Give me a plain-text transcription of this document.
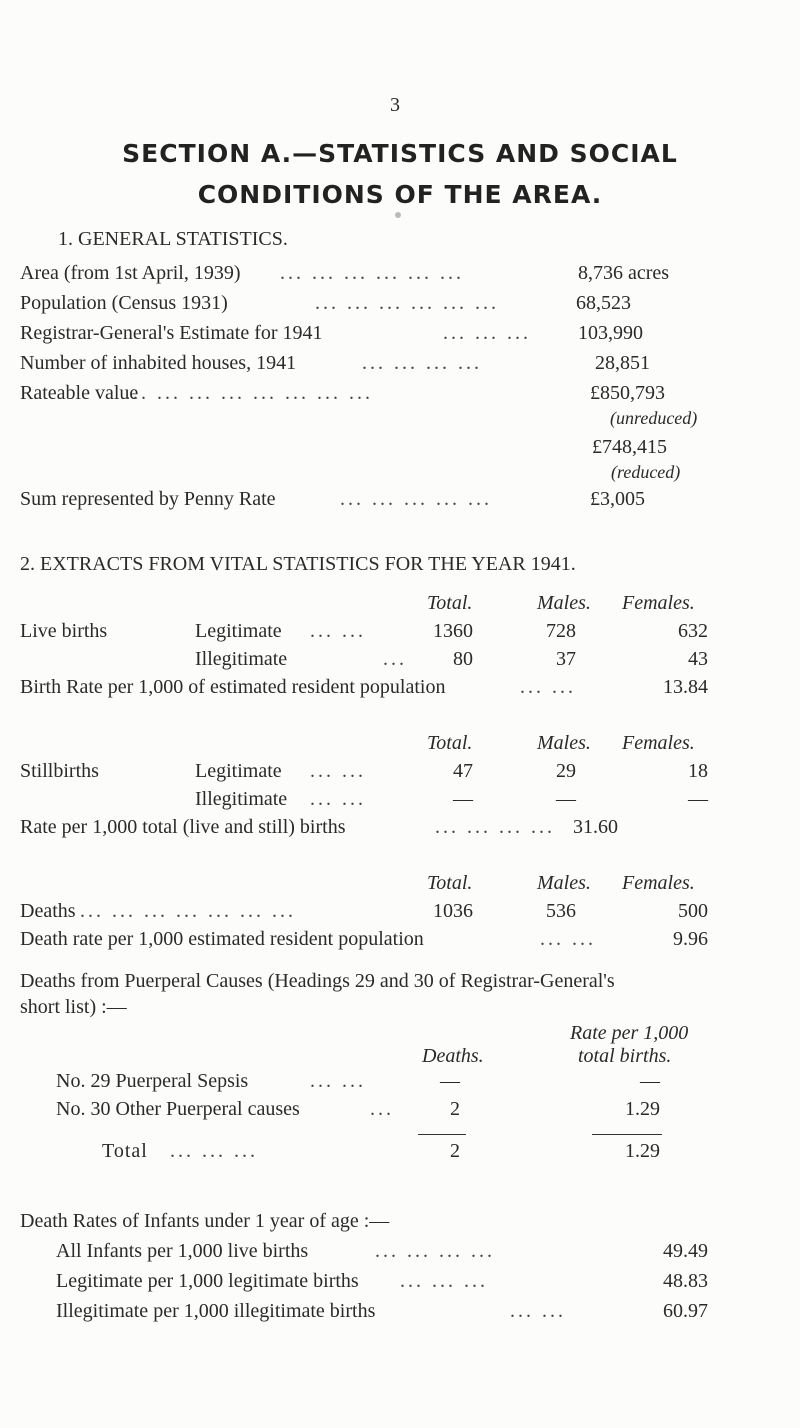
3
SECTION A.—STATISTICS AND SOCIAL
CONDITIONS OF THE AREA.
1. GENERAL STATISTICS.
Area (from 1st April, 1939) ... ... ... ... ... ...	8,736 acres
Population (Census 1931)	... ... ... ... ... ...	68,523
Registrar-General's Estimate for 1941	... ... ... 103,990
Number of inhabited houses, 1941	... ... ... ...	28,851
Rateable value
... ... ... ... ... ... ... ...	£850,793
(unreduced)
£748,415
(reduced)
Sum represented by Penny Rate	... ... ... ... ...	£3,005
2. EXTRACTS FROM VITAL STATISTICS FOR THE YEAR 1941.
Total.	Males. Females.
Live births	Legitimate ... ...	1360	728	632
Illegitimate	...	80	37	43
Birth Rate per 1,000 of estimated resident population	... ...	13.84
Total.	Males. Females.
Stillbirths	Legitimate ... ...	47	29	18
Illegitimate ... ...	—	—	—
Rate per 1,000 total (live and still) births	... ... ... ... 31.60
Total.	Males. Females.
Deaths ... ... ... ... ... ... ...	1036	536	500
Death rate per 1,000 estimated resident population	... ...	9.96
Deaths from Puerperal Causes (Headings 29 and 30 of Registrar-General's
short list) :—
Rate per 1,000
Deaths.	total births.
No. 29 Puerperal Sepsis	... ...	—	—
No. 30 Other Puerperal causes	...	2	1.29
Total ... ... ...	2	1.29
Death Rates of Infants under 1 year of age :—
All Infants per 1,000 live births	... ... ... ...	49.49
Legitimate per 1,000 legitimate births ... ... ...	48.83
Illegitimate per 1,000 illegitimate births	... ...	60.97
